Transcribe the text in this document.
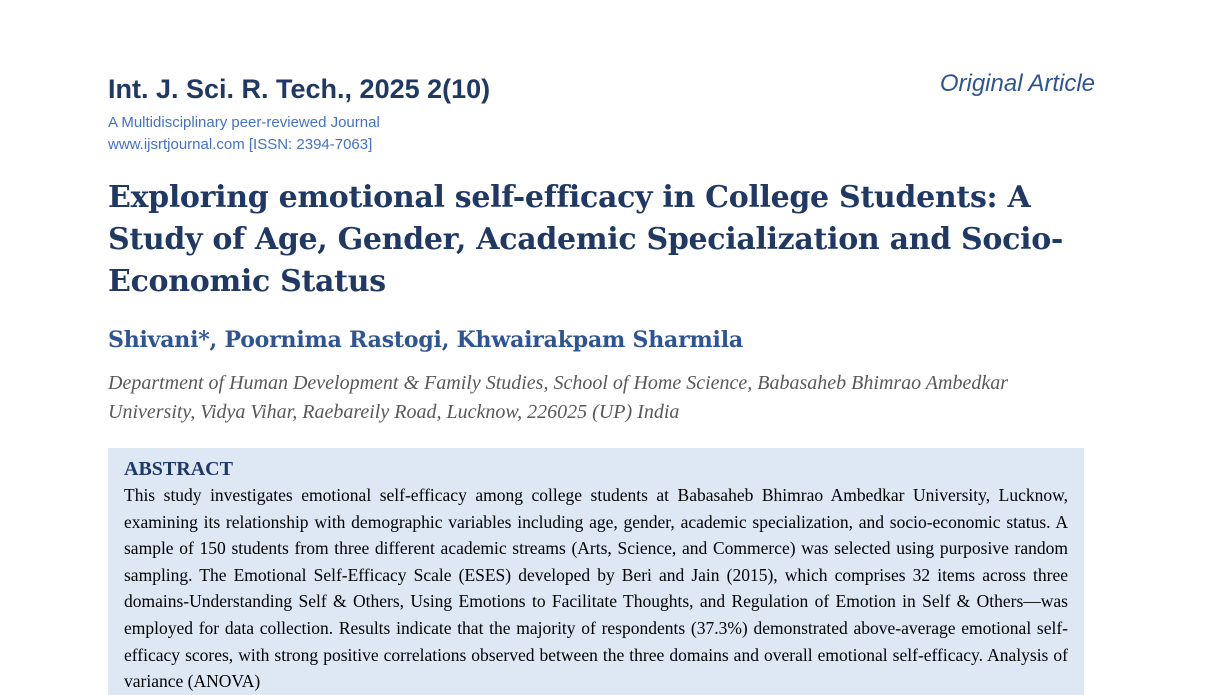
Int. J. Sci. R. Tech., 2025 2(10)	Original Article
A Multidisciplinary peer-reviewed Journal
www.ijsrtjournal.com [ISSN: 2394-7063]
Exploring emotional self-efficacy in College Students: A Study of Age, Gender, Academic Specialization and Socio-Economic Status
Shivani*, Poornima Rastogi, Khwairakpam Sharmila
Department of Human Development & Family Studies, School of Home Science, Babasaheb Bhimrao Ambedkar University, Vidya Vihar, Raebareily Road, Lucknow, 226025 (UP) India

ABSTRACT

This study investigates emotional self-efficacy among college students at Babasaheb Bhimrao Ambedkar University, Lucknow, examining its relationship with demographic variables including age, gender, academic specialization, and socio-economic status. A sample of 150 students from three different academic streams (Arts, Science, and Commerce) was selected using purposive random sampling. The Emotional Self-Efficacy Scale (ESES) developed by Beri and Jain (2015), which comprises 32 items across three domains-Understanding Self & Others, Using Emotions to Facilitate Thoughts, and Regulation of Emotion in Self & Others—was employed for data collection. Results indicate that the majority of respondents (37.3%) demonstrated above-average emotional self-efficacy scores, with strong positive correlations observed between the three domains and overall emotional self-efficacy. Analysis of variance (ANOVA)
